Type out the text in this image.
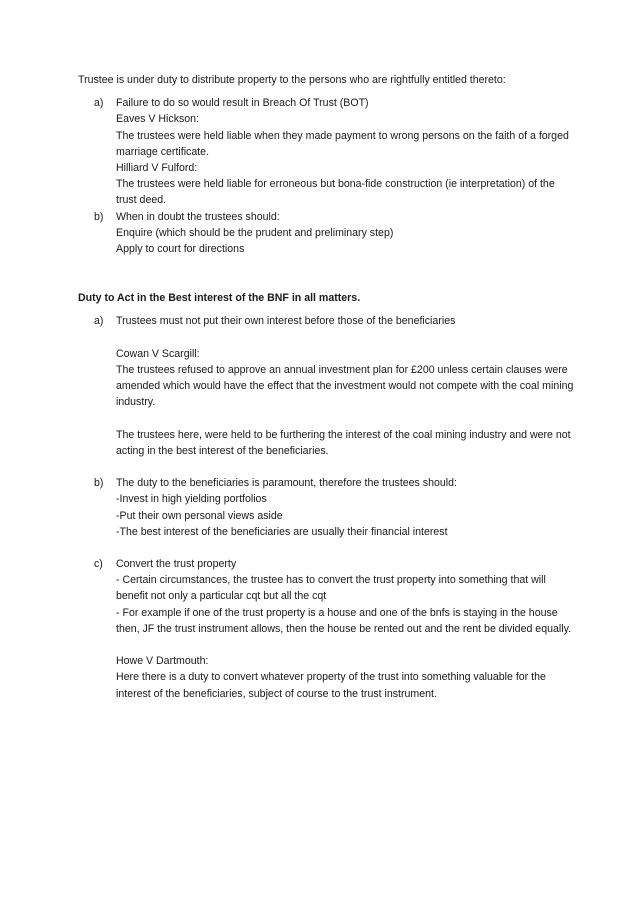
Trustee is under duty to distribute property to the persons who are rightfully entitled thereto:

a) Failure to do so would result in Breach Of Trust (BOT)
Eaves V Hickson:
The trustees were held liable when they made payment to wrong persons on the faith of a forged marriage certificate.
Hilliard V Fulford:
The trustees were held liable for erroneous but bona-fide construction (ie interpretation) of the trust deed.
b) When in doubt the trustees should:
Enquire (which should be the prudent and preliminary step)
Apply to court for directions

Duty to Act in the Best interest of the BNF in all matters.

a) Trustees must not put their own interest before those of the beneficiaries
Cowan V Scargill:
The trustees refused to approve an annual investment plan for £200 unless certain clauses were amended which would have the effect that the investment would not compete with the coal mining industry.
The trustees here, were held to be furthering the interest of the coal mining industry and were not acting in the best interest of the beneficiaries.
b) The duty to the beneficiaries is paramount, therefore the trustees should:
-Invest in high yielding portfolios
-Put their own personal views aside
-The best interest of the beneficiaries are usually their financial interest
c) Convert the trust property
- Certain circumstances, the trustee has to convert the trust property into something that will benefit not only a particular cqt but all the cqt
- For example if one of the trust property is a house and one of the bnfs is staying in the house then, JF the trust instrument allows, then the house be rented out and the rent be divided equally.
Howe V Dartmouth:
Here there is a duty to convert whatever property of the trust into something valuable for the interest of the beneficiaries, subject of course to the trust instrument.
